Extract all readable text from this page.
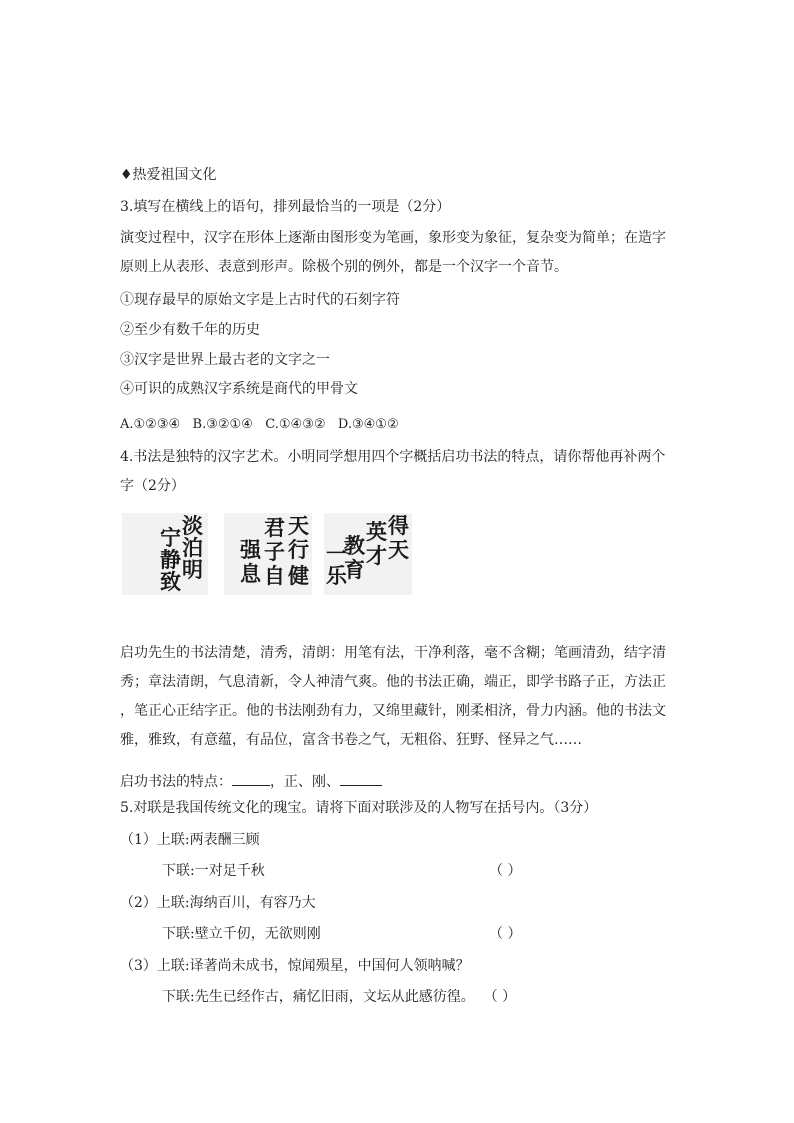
♦热爱祖国文化
3.填写在横线上的语句，排列最恰当的一项是（2分）
演变过程中，汉字在形体上逐渐由图形变为笔画，象形变为象征，复杂变为简单；在造字
原则上从表形、表意到形声。除极个别的例外，都是一个汉字一个音节。
①现存最早的原始文字是上古时代的石刻字符
②至少有数千年的历史
③汉字是世界上最古老的文字之一
④可识的成熟汉字系统是商代的甲骨文
A.①②③④ B.③②①④ C.①④③② D.③④①②
4.书法是独特的汉字艺术。小明同学想用四个字概括启功书法的特点，请你帮他再补两个
字（2分）

淡
泊
明
宁
静
致
天
行
健
君
子
自
强
息
得
天
英
才
教
育
一
乐
启功先生的书法清楚，清秀，清朗：用笔有法，干净利落，毫不含糊；笔画清劲，结字清
秀；章法清朗，气息清新，令人神清气爽。他的书法正确，端正，即学书路子正，方法正
，笔正心正结字正。他的书法刚劲有力，又绵里藏针，刚柔相济，骨力内涵。他的书法文
雅，雅致，有意蕴，有品位，富含书卷之气，无粗俗、狂野、怪异之气……
启功书法的特点：	，正、刚、
5.对联是我国传统文化的瑰宝。请将下面对联涉及的人物写在括号内。（3分）
（1）上联:两表酬三顾
下联:一对足千秋	（ ）
（2）上联:海纳百川，有容乃大
下联:壁立千仞，无欲则刚	（ ）
（3）上联:译著尚未成书，惊闻殒星，中国何人领呐喊？
下联:先生已经作古，痛忆旧雨，文坛从此感彷徨。 （ ）
